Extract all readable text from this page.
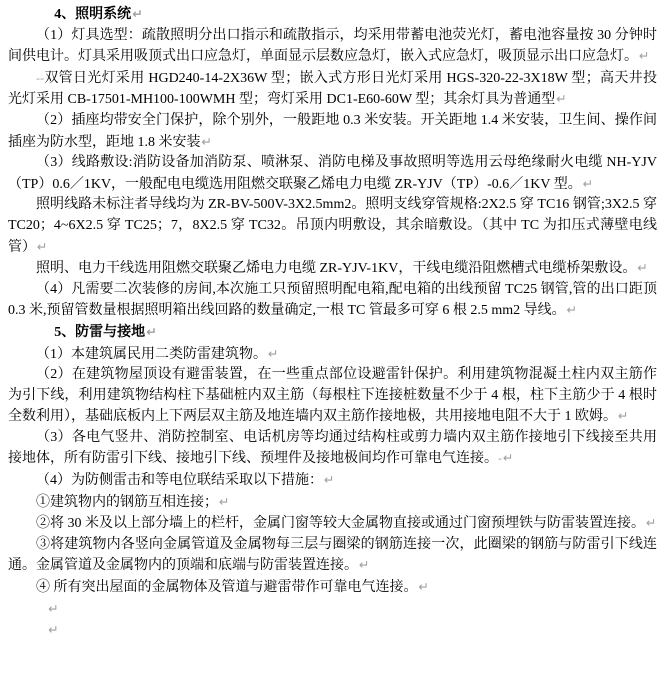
4、照明系统↵

（1）灯具选型：疏散照明分出口指示和疏散指示，均采用带蓄电池荧光灯，蓄电池容量按 30 分钟时间供电计。灯具采用吸顶式出口应急灯，单面显示层数应急灯，嵌入式应急灯，吸顶显示出口应急灯。↵

--双管日光灯采用 HGD240-14-2X36W 型；嵌入式方形日光灯采用 HGS-320-22-3X18W 型；高天井投光灯采用 CB-17501-MH100-100WMH 型；弯灯采用 DC1-E60-60W 型；其余灯具为普通型↵

（2）插座均带安全门保护，除个别外，一般距地 0.3 米安装。开关距地 1.4 米安装，卫生间、操作间插座为防水型，距地 1.8 米安装↵

（3）线路敷设:消防设备加消防泵、喷淋泵、消防电梯及事故照明等选用云母绝缘耐火电缆 NH-YJV（TP）0.6／1KV，一般配电电缆选用阻燃交联聚乙烯电力电缆 ZR-YJV（TP）-0.6／1KV 型。↵

照明线路未标注者导线均为 ZR-BV-500V-3X2.5mm2。照明支线穿管规格:2X2.5 穿 TC16 钢管;3X2.5 穿 TC20；4~6X2.5 穿 TC25；7，8X2.5 穿 TC32。吊顶内明敷设，其余暗敷设。（其中 TC 为扣压式薄壁电线管）↵

照明、电力干线选用阻燃交联聚乙烯电力电缆 ZR-YJV-1KV，干线电缆沿阻燃槽式电缆桥架敷设。↵

（4）凡需要二次装修的房间,本次施工只预留照明配电箱,配电箱的出线预留 TC25 钢管,管的出口距顶 0.3 米,预留管数量根据照明箱出线回路的数量确定,一根 TC 管最多可穿 6 根 2.5 mm2 导线。↵

5、防雷与接地↵

（1）本建筑属民用二类防雷建筑物。↵

（2）在建筑物屋顶设有避雷装置，在一些重点部位设避雷针保护。利用建筑物混凝土柱内双主筋作为引下线，利用建筑物结构柱下基础桩内双主筋（每根柱下连接桩数量不少于 4 根，柱下主筋少于 4 根时全数利用），基础底板内上下两层双主筋及地连墙内双主筋作接地极，共用接地电阻不大于 1 欧姆。↵

（3）各电气竖井、消防控制室、电话机房等均通过结构柱或剪力墙内双主筋作接地引下线接至共用接地体，所有防雷引下线、接地引下线、预埋件及接地极间均作可靠电气连接。-↵

（4）为防侧雷击和等电位联结采取以下措施：↵

①建筑物内的钢筋互相连接；↵

②将 30 米及以上部分墙上的栏杆，金属门窗等较大金属物直接或通过门窗预埋铁与防雷装置连接。↵

③将建筑物内各竖向金属管道及金属物每三层与圈梁的钢筋连接一次，此圈梁的钢筋与防雷引下线连通。金属管道及金属物内的顶端和底端与防雷装置连接。↵

④ 所有突出屋面的金属物体及管道与避雷带作可靠电气连接。↵

↵

↵
